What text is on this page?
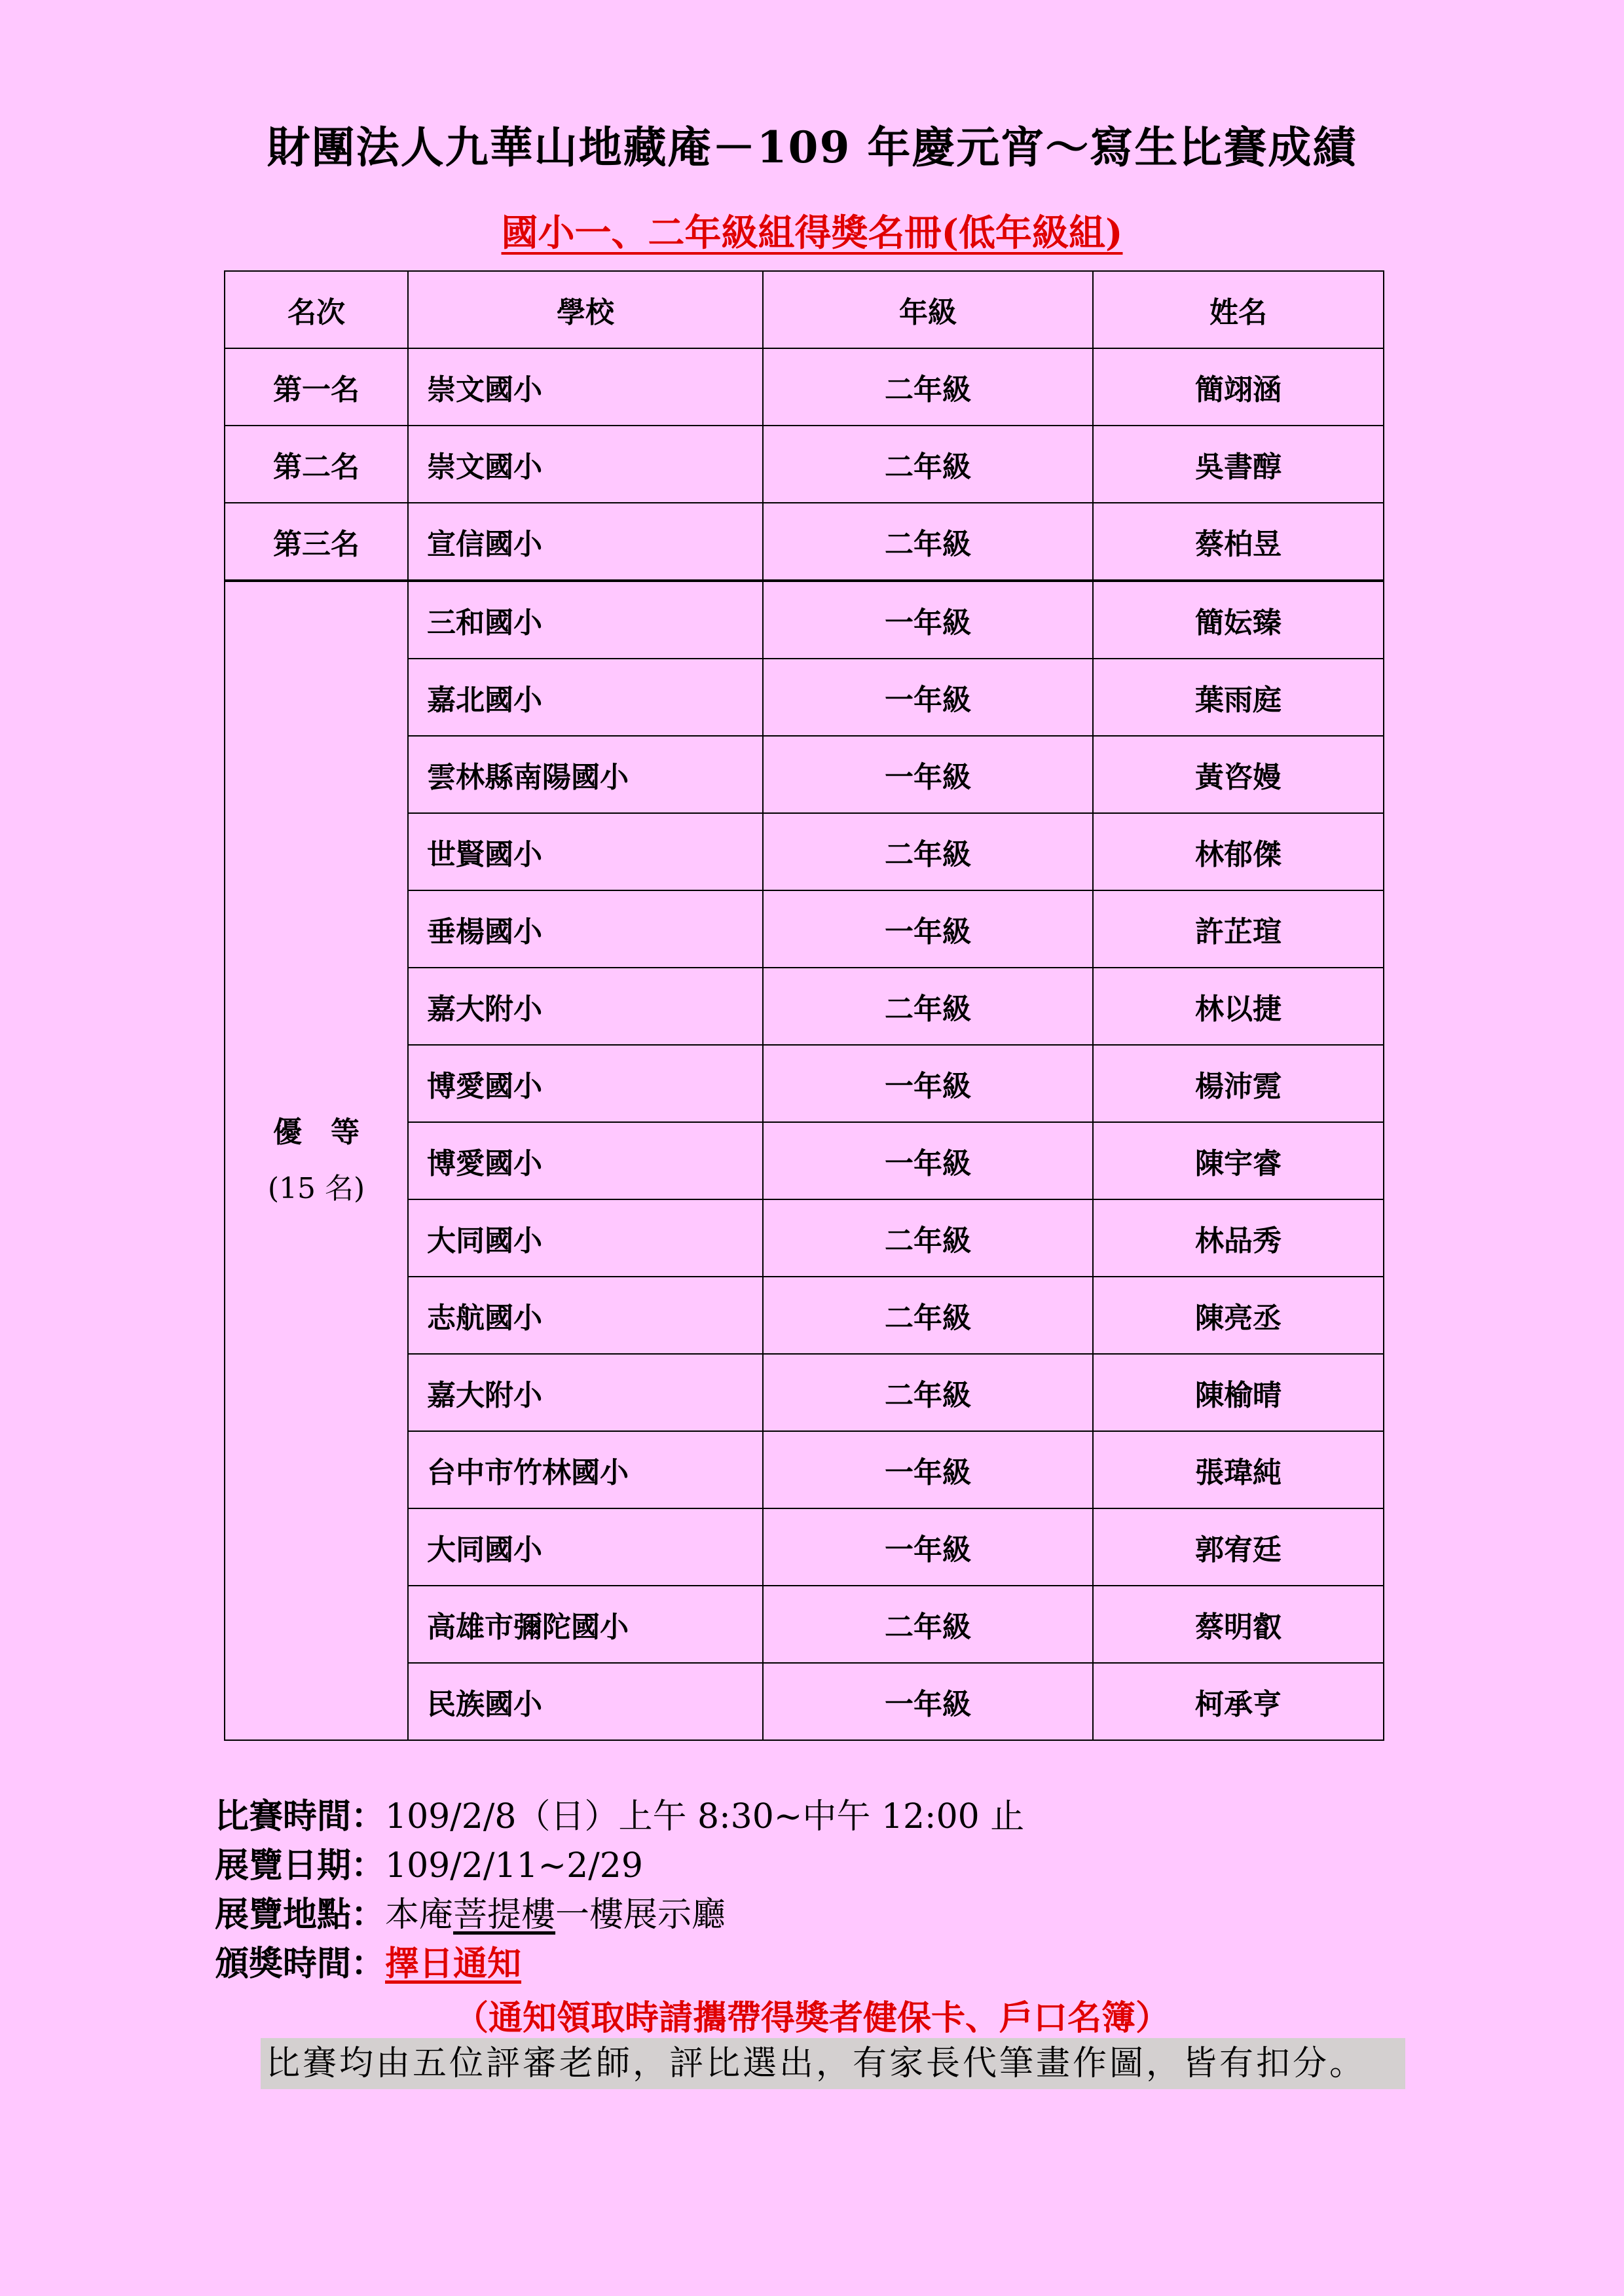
財團法人九華山地藏庵－109 年慶元宵～寫生比賽成績
國小一、二年級組得獎名冊(低年級組)
名次	學校	年級	姓名
第一名	崇文國小	二年級	簡翊涵
第二名	崇文國小	二年級	吳書醇
第三名	宣信國小	二年級	蔡柏昱

優　等
(15 名)	三和國小	一年級	簡妘臻
	嘉北國小	一年級	葉雨庭
	雲林縣南陽國小	一年級	黃咨嫚
	世賢國小	二年級	林郁傑
	垂楊國小	一年級	許芷瑄
	嘉大附小	二年級	林以捷
	博愛國小	一年級	楊沛霓
	博愛國小	一年級	陳宇睿
	大同國小	二年級	林品秀
	志航國小	二年級	陳亮丞
	嘉大附小	二年級	陳榆晴
	台中市竹林國小	一年級	張瑋純
	大同國小	一年級	郭宥廷
	高雄市彌陀國小	二年級	蔡明叡
	民族國小	一年級	柯承亨
比賽時間：109/2/8（日）上午 8:30~中午 12:00 止
展覽日期：109/2/11~2/29
展覽地點：本庵菩提樓一樓展示廳
頒獎時間：擇日通知
（通知領取時請攜帶得獎者健保卡、戶口名簿）
比賽均由五位評審老師，評比選出，有家長代筆畫作圖，皆有扣分。
